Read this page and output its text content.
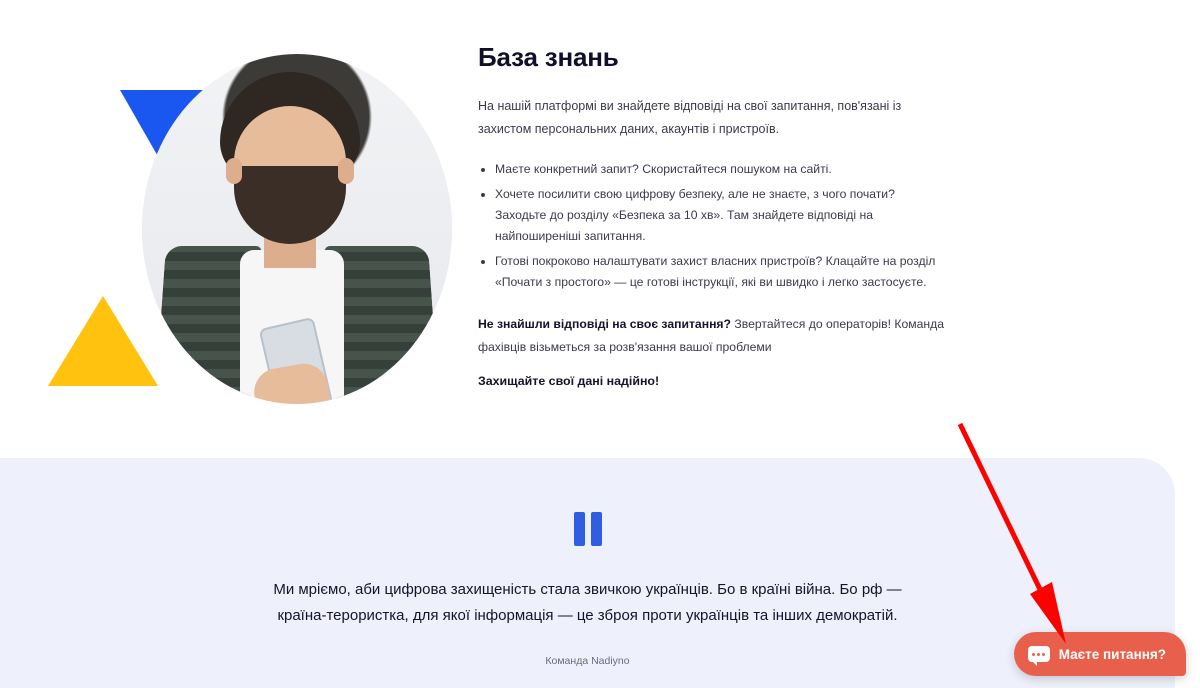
База знань

На нашій платформі ви знайдете відповіді на свої запитання, пов'язані із захистом персональних даних, акаунтів і пристроїв.

• Маєте конкретний запит? Скористайтеся пошуком на сайті.
• Хочете посилити свою цифрову безпеку, але не знаєте, з чого почати? Заходьте до розділу «Безпека за 10 хв». Там знайдете відповіді на найпоширеніші запитання.
• Готові покроково налаштувати захист власних пристроїв? Клацайте на розділ «Почати з простого» — це готові інструкції, які ви швидко і легко застосуєте.

Не знайшли відповіді на своє запитання? Звертайтеся до операторів! Команда фахівців візьметься за розв'язання вашої проблеми

Захищайте свої дані надійно!

Ми мріємо, аби цифрова захищеність стала звичкою українців. Бо в країні війна. Бо рф — країна-терористка, для якої інформація — це зброя проти українців та інших демократій.

Команда Nadiyno	Маєте питання?
